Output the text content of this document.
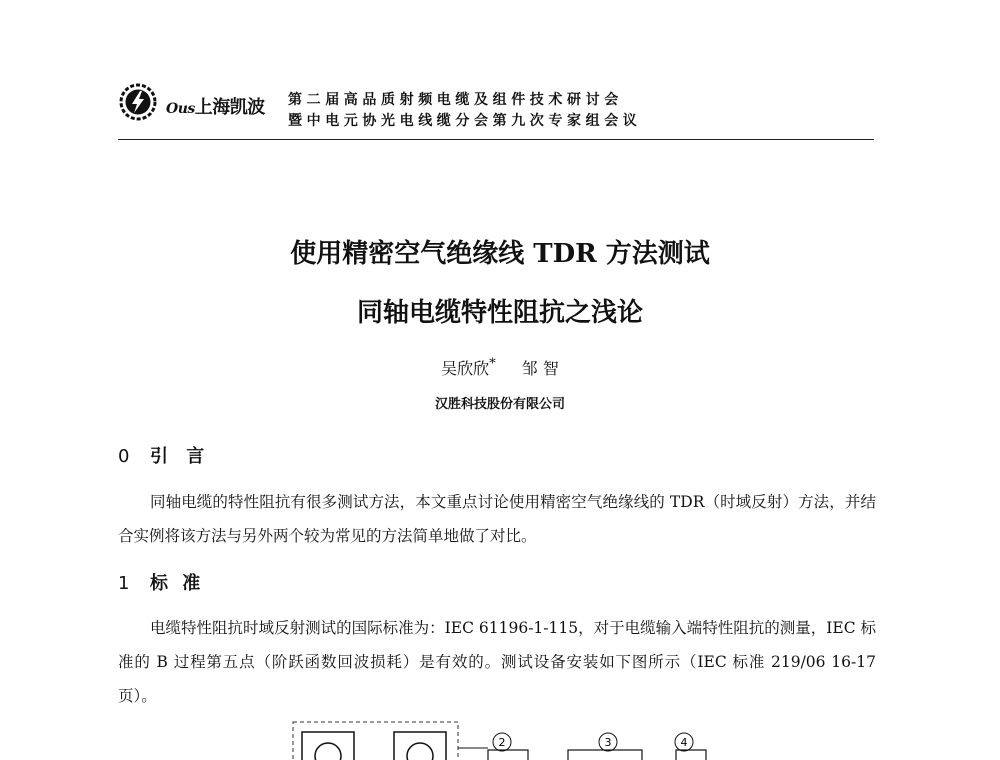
Ous上海凯波 第二届高品质射频电缆及组件技术研讨会
暨中电元协光电线缆分会第九次专家组会议
使用精密空气绝缘线 TDR 方法测试
同轴电缆特性阻抗之浅论
吴欣欣* 邹 智
汉胜科技股份有限公司
0 引 言
同轴电缆的特性阻抗有很多测试方法，本文重点讨论使用精密空气绝缘线的 TDR（时域反射）方法，并结合实例将该方法与另外两个较为常见的方法简单地做了对比。
1 标 准
电缆特性阻抗时域反射测试的国际标准为：IEC 61196-1-115，对于电缆输入端特性阻抗的测量，IEC 标准的 B 过程第五点（阶跃函数回波损耗）是有效的。测试设备安装如下图所示（IEC 标准 219/06 16-17 页）。
2	3	4
